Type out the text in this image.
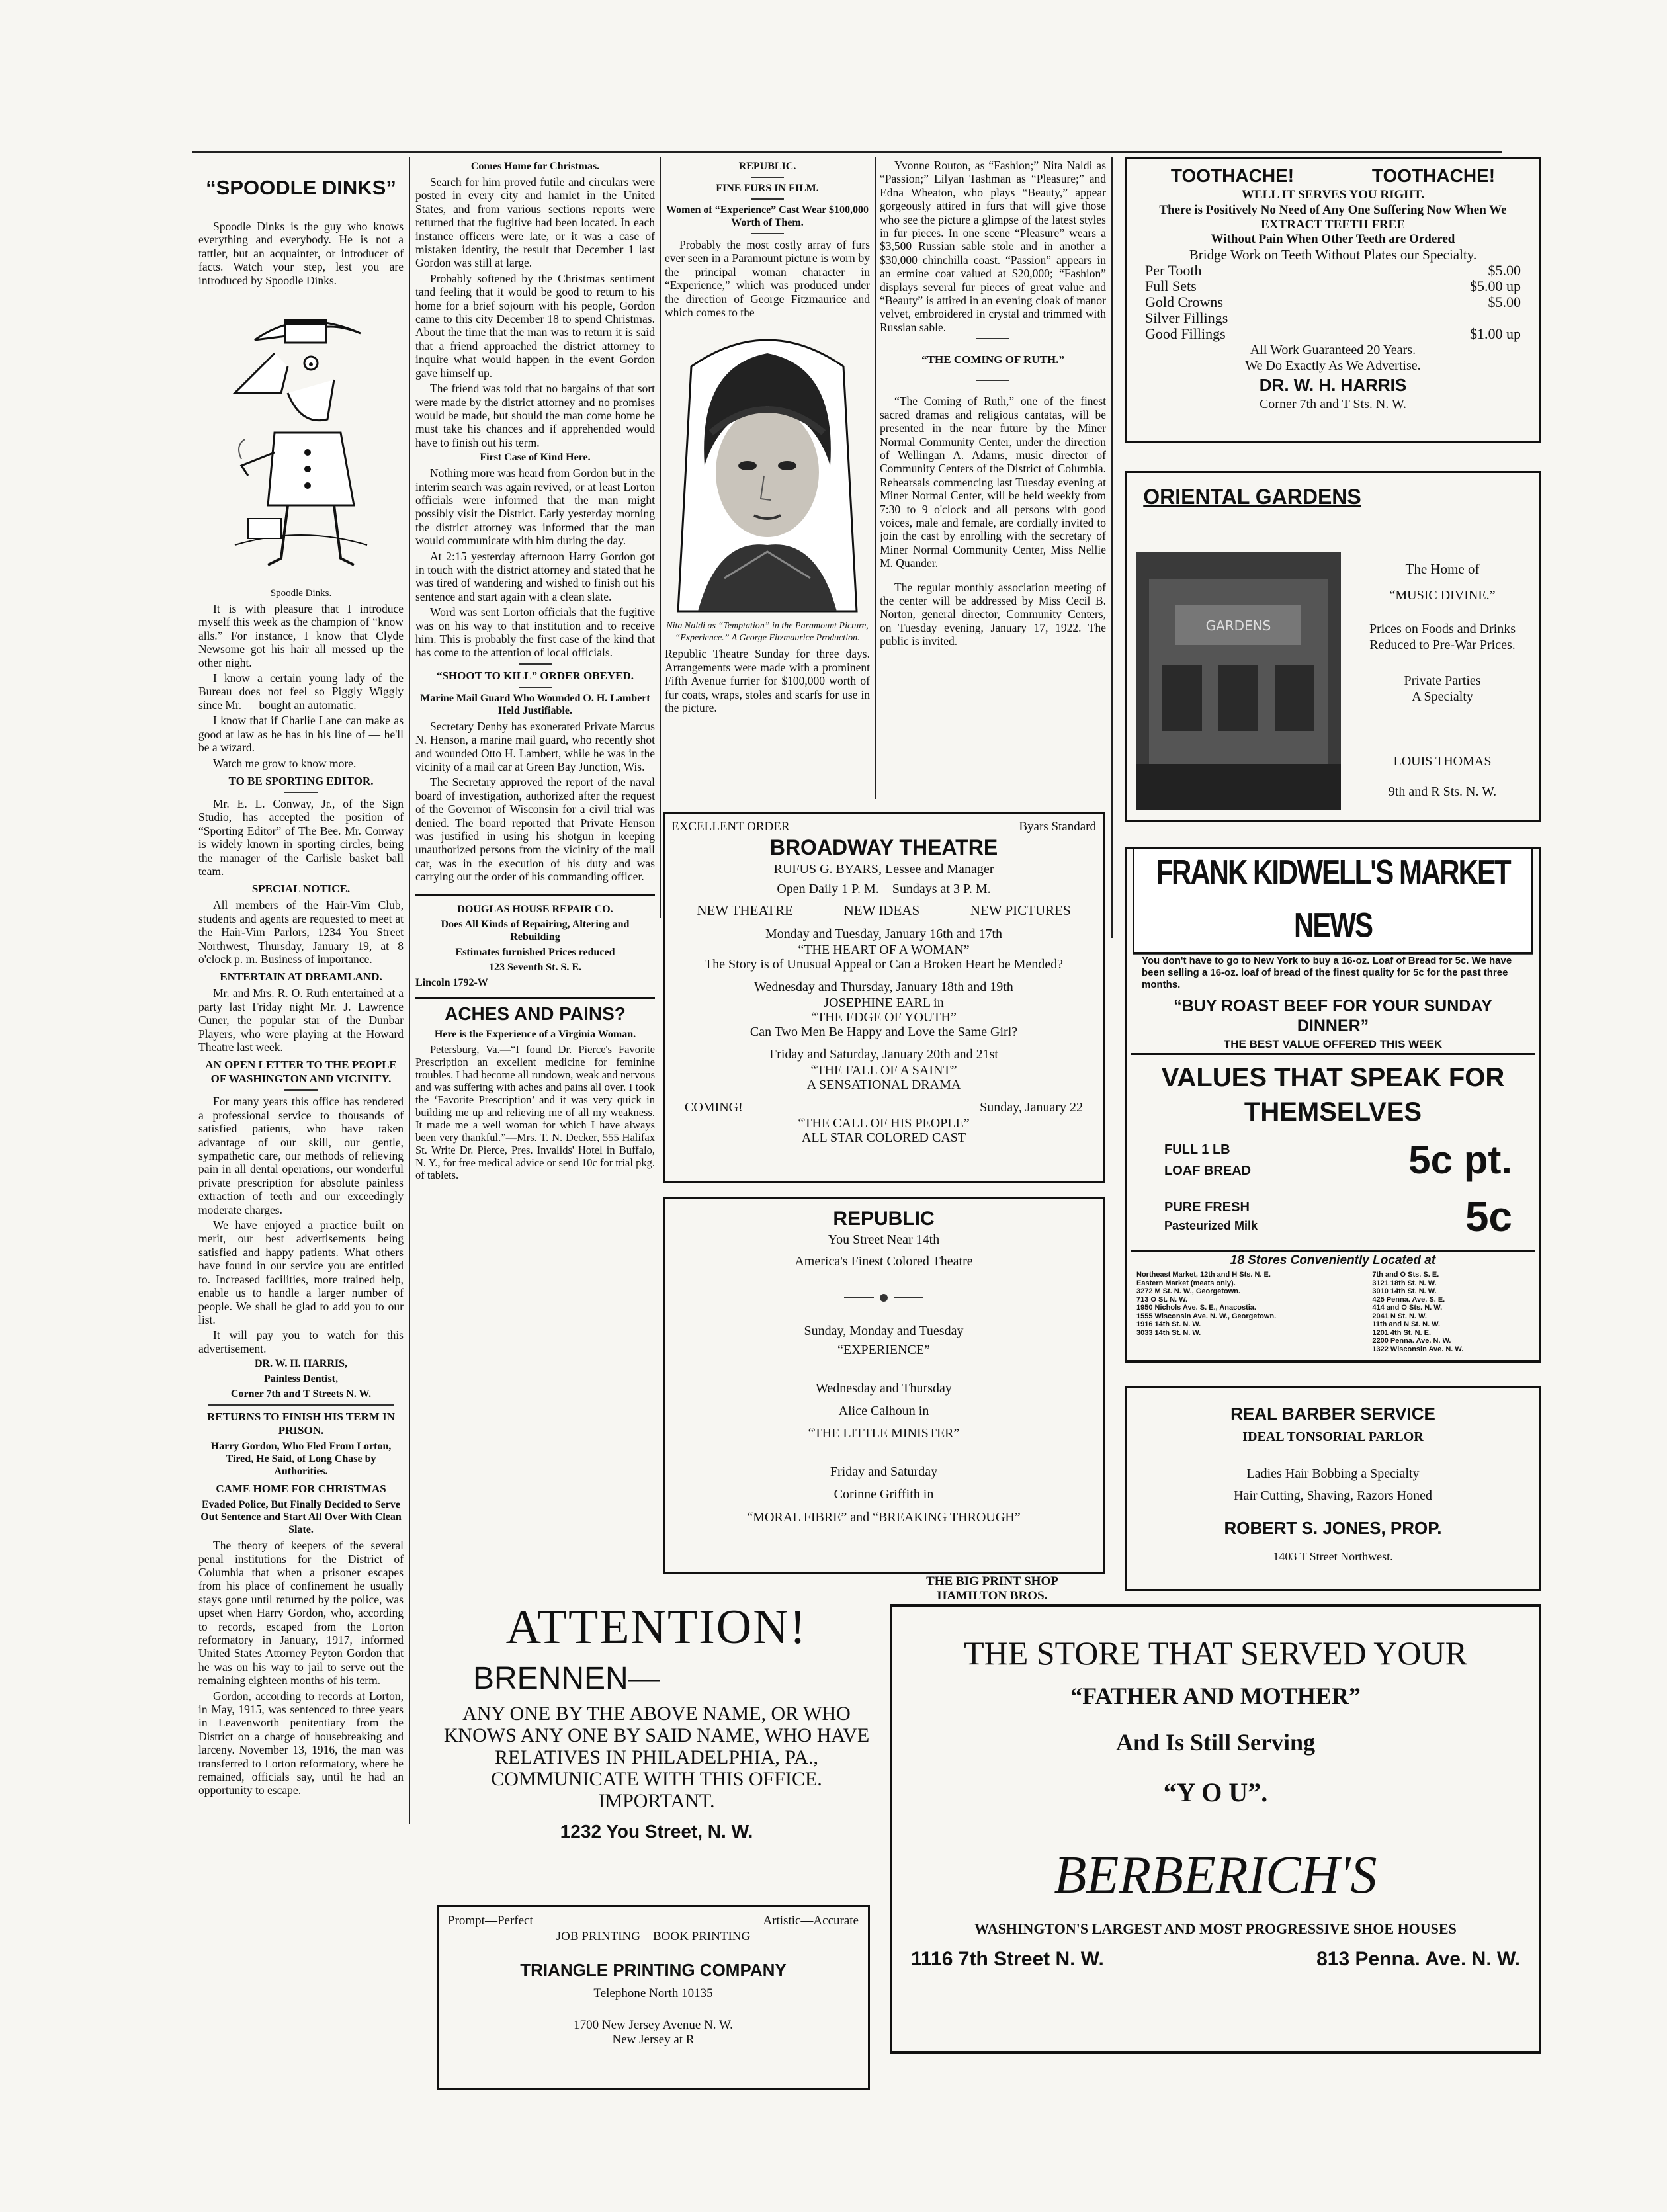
“SPOODLE DINKS”

Spoodle Dinks is the guy who knows everything and everybody. He is not a tattler, but an acquainter, or introducer of facts. Watch your step, lest you are introduced by Spoodle Dinks.

Spoodle Dinks.

It is with pleasure that I introduce myself this week as the champion of “know alls.” For instance, I know that Clyde Newsome got his hair all messed up the other night.

I know a certain young lady of the Bureau does not feel so Piggly Wiggly since Mr. — bought an automatic.

I know that if Charlie Lane can make as good at law as he has in his line of — he'll be a wizard.

Watch me grow to know more.

TO BE SPORTING EDITOR.

Mr. E. L. Conway, Jr., of the Sign Studio, has accepted the position of “Sporting Editor” of The Bee. Mr. Conway is widely known in sporting circles, being the manager of the Carlisle basket ball team.

SPECIAL NOTICE.

All members of the Hair-Vim Club, students and agents are requested to meet at the Hair-Vim Parlors, 1234 You Street Northwest, Thursday, January 19, at 8 o'clock p. m. Business of importance.

ENTERTAIN AT DREAMLAND.

Mr. and Mrs. R. O. Ruth entertained at a party last Friday night Mr. J. Lawrence Cuner, the popular star of the Dunbar Players, who were playing at the Howard Theatre last week.

AN OPEN LETTER TO THE PEOPLE OF WASHINGTON AND VICINITY.

For many years this office has rendered a professional service to thousands of satisfied patients, who have taken advantage of our skill, our gentle, sympathetic care, our methods of relieving pain in all dental operations, our wonderful private prescription for absolute painless extraction of teeth and our exceedingly moderate charges.

We have enjoyed a practice built on merit, our best advertisements being satisfied and happy patients. What others have found in our service you are entitled to. Increased facilities, more trained help, enable us to handle a larger number of people. We shall be glad to add you to our list.

It will pay you to watch for this advertisement.

DR. W. H. HARRIS,
Painless Dentist,
Corner 7th and T Streets N. W.
RETURNS TO FINISH HIS TERM IN PRISON.
Harry Gordon, Who Fled From Lorton, Tired, He Said, of Long Chase by Authorities.
CAME HOME FOR CHRISTMAS
Evaded Police, But Finally Decided to Serve Out Sentence and Start All Over With Clean Slate.

The theory of keepers of the several penal institutions for the District of Columbia that when a prisoner escapes from his place of confinement he usually stays gone until returned by the police, was upset when Harry Gordon, who, according to records, escaped from the Lorton reformatory in January, 1917, informed United States Attorney Peyton Gordon that he was on his way to jail to serve out the remaining eighteen months of his term.

Gordon, according to records at Lorton, in May, 1915, was sentenced to three years in Leavenworth penitentiary from the District on a charge of housebreaking and larceny. November 13, 1916, the man was transferred to Lorton reformatory, where he remained, officials say, until he had an opportunity to escape.

Comes Home for Christmas.

Search for him proved futile and circulars were posted in every city and hamlet in the United States, and from various sections reports were returned that the fugitive had been located. In each instance officers were late, or it was a case of mistaken identity, the result that December 1 last Gordon was still at large.

Probably softened by the Christmas sentiment tand feeling that it would be good to return to his home for a brief sojourn with his people, Gordon came to this city December 18 to spend Christmas. About the time that the man was to return it is said that a friend approached the district attorney to inquire what would happen in the event Gordon gave himself up.

The friend was told that no bargains of that sort were made by the district attorney and no promises would be made, but should the man come home he must take his chances and if apprehended would have to finish out his term.

First Case of Kind Here.

Nothing more was heard from Gordon but in the interim search was again revived, or at least Lorton officials were informed that the man might possibly visit the District. Early yesterday morning the district attorney was informed that the man would communicate with him during the day.

At 2:15 yesterday afternoon Harry Gordon got in touch with the district attorney and stated that he was tired of wandering and wished to finish out his sentence and start again with a clean slate.

Word was sent Lorton officials that the fugitive was on his way to that institution and to receive him. This is probably the first case of the kind that has come to the attention of local officials.

“SHOOT TO KILL” ORDER OBEYED.
Marine Mail Guard Who Wounded O. H. Lambert Held Justifiable.

Secretary Denby has exonerated Private Marcus N. Henson, a marine mail guard, who recently shot and wounded Otto H. Lambert, while he was in the vicinity of a mail car at Green Bay Junction, Wis.

The Secretary approved the report of the naval board of investigation, authorized after the request of the Governor of Wisconsin for a civil trial was denied. The board reported that Private Henson was justified in using his shotgun in keeping unauthorized persons from the vicinity of the mail car, was in the execution of his duty and was carrying out the order of his commanding officer.

DOUGLAS HOUSE REPAIR CO.
Does All Kinds of Repairing, Altering and Rebuilding
Estimates furnished Prices reduced
123 Seventh St. S. E.
Lincoln 1792-W
ACHES AND PAINS?
Here is the Experience of a Virginia Woman.

Petersburg, Va.—“I found Dr. Pierce's Favorite Prescription an excellent medicine for feminine troubles. I had become all rundown, weak and nervous and was suffering with aches and pains all over. I took the ‘Favorite Prescription’ and it was very quick in building me up and relieving me of all my weakness. It made me a well woman for which I have always been very thankful.”—Mrs. T. N. Decker, 555 Halifax St. Write Dr. Pierce, Pres. Invalids' Hotel in Buffalo, N. Y., for free medical advice or send 10c for trial pkg. of tablets.

REPUBLIC.
FINE FURS IN FILM.
Women of “Experience” Cast Wear $100,000 Worth of Them.

Probably the most costly array of furs ever seen in a Paramount picture is worn by the principal woman character in “Experience,” which was produced under the direction of George Fitzmaurice and which comes to the

Nita Naldi as “Temptation” in the Paramount Picture, “Experience.” A George Fitzmaurice Production.

Republic Theatre Sunday for three days. Arrangements were made with a prominent Fifth Avenue furrier for $100,000 worth of fur coats, wraps, stoles and scarfs for use in the picture.

Yvonne Routon, as “Fashion;” Nita Naldi as “Passion;” Lilyan Tashman as “Pleasure;” and Edna Wheaton, who plays “Beauty,” appear gorgeously attired in furs that will give those who see the picture a glimpse of the latest styles in fur pieces. In one scene “Pleasure” wears a $3,500 Russian sable stole and in another a $30,000 chinchilla coast. “Passion” appears in an ermine coat valued at $20,000; “Fashion” displays several fur pieces of great value and “Beauty” is attired in an evening cloak of manor velvet, embroidered in crystal and trimmed with Russian sable.

“THE COMING OF RUTH.”

“The Coming of Ruth,” one of the finest sacred dramas and religious cantatas, will be presented in the near future by the Miner Normal Community Center, under the direction of Wellingan A. Adams, music director of Community Centers of the District of Columbia. Rehearsals commencing last Tuesday evening at Miner Normal Center, will be held weekly from 7:30 to 9 o'clock and all persons with good voices, male and female, are cordially invited to join the cast by enrolling with the secretary of Miner Normal Community Center, Miss Nellie M. Quander.

The regular monthly association meeting of the center will be addressed by Miss Cecil B. Norton, general director, Community Centers, on Tuesday evening, January 17, 1922. The public is invited.

EXCELLENT ORDER	Byars Standard
BROADWAY THEATRE
RUFUS G. BYARS, Lessee and Manager
Open Daily 1 P. M.—Sundays at 3 P. M.
NEW THEATRE	NEW IDEAS	NEW PICTURES
Monday and Tuesday, January 16th and 17th
“THE HEART OF A WOMAN”
The Story is of Unusual Appeal or Can a Broken Heart be Mended?
Wednesday and Thursday, January 18th and 19th
JOSEPHINE EARL in
“THE EDGE OF YOUTH”
Can Two Men Be Happy and Love the Same Girl?
Friday and Saturday, January 20th and 21st
“THE FALL OF A SAINT”
A SENSATIONAL DRAMA
COMING!	Sunday, January 22
“THE CALL OF HIS PEOPLE”
ALL STAR COLORED CAST
REPUBLIC
You Street Near 14th
America's Finest Colored Theatre
Sunday, Monday and Tuesday
“EXPERIENCE”
Wednesday and Thursday
Alice Calhoun in
“THE LITTLE MINISTER”
Friday and Saturday
Corinne Griffith in
“MORAL FIBRE” and “BREAKING THROUGH”
TOOTHACHE!	TOOTHACHE!
WELL IT SERVES YOU RIGHT.
There is Positively No Need of Any One Suffering Now When We
EXTRACT TEETH FREE
Without Pain When Other Teeth are Ordered
Bridge Work on Teeth Without Plates our Specialty.
Per Tooth	$5.00
Full Sets	$5.00 up
Gold Crowns	$5.00
Silver Fillings
Good Fillings	$1.00 up
All Work Guaranteed 20 Years.
We Do Exactly As We Advertise.
DR. W. H. HARRIS
Corner 7th and T Sts. N. W.
ORIENTAL GARDENS
GARDENS
The Home of
“MUSIC DIVINE.”
Prices on Foods and Drinks Reduced to Pre-War Prices.
Private Parties
A Specialty
LOUIS THOMAS
9th and R Sts. N. W.
FRANK KIDWELL'S MARKET NEWS
You don't have to go to New York to buy a 16-oz. Loaf of Bread for 5c. We have been selling a 16-oz. loaf of bread of the finest quality for 5c for the past three months.
“BUY ROAST BEEF FOR YOUR SUNDAY DINNER”
THE BEST VALUE OFFERED THIS WEEK
VALUES THAT SPEAK FOR THEMSELVES
FULL 1 LB
LOAF BREAD	5c pt.
PURE FRESH
Pasteurized Milk	5c
18 Stores Conveniently Located at
Northeast Market, 12th and H Sts. N. E.
Eastern Market (meats only).
3272 M St. N. W., Georgetown.
713 O St. N. W.
1950 Nichols Ave. S. E., Anacostia.
1555 Wisconsin Ave. N. W., Georgetown.
1916 14th St. N. W.
3033 14th St. N. W.
7th and O Sts. S. E.
3121 18th St. N. W.
3010 14th St. N. W.
425 Penna. Ave. S. E.
414 and O Sts. N. W.
2041 N St. N. W.
11th and N St. N. W.
1201 4th St. N. E.
2200 Penna. Ave. N. W.
1322 Wisconsin Ave. N. W.
REAL BARBER SERVICE
IDEAL TONSORIAL PARLOR
Ladies Hair Bobbing a Specialty
Hair Cutting, Shaving, Razors Honed
ROBERT S. JONES, PROP.
1403 T Street Northwest.
ATTENTION!
BRENNEN—
ANY ONE BY THE ABOVE NAME, OR WHO KNOWS ANY ONE BY SAID NAME, WHO HAVE RELATIVES IN PHILADELPHIA, PA., COMMUNICATE WITH THIS OFFICE. IMPORTANT.
1232 You Street, N. W.
Prompt—Perfect	Artistic—Accurate
JOB PRINTING—BOOK PRINTING
TRIANGLE PRINTING COMPANY
Telephone North 10135
1700 New Jersey Avenue N. W.
New Jersey at R
THE BIG PRINT SHOP
HAMILTON BROS.
THE STORE THAT SERVED YOUR
“FATHER AND MOTHER”
And Is Still Serving
“Y O U”.
BERBERICH'S
WASHINGTON'S LARGEST AND MOST PROGRESSIVE SHOE HOUSES
1116 7th Street N. W.	813 Penna. Ave. N. W.
